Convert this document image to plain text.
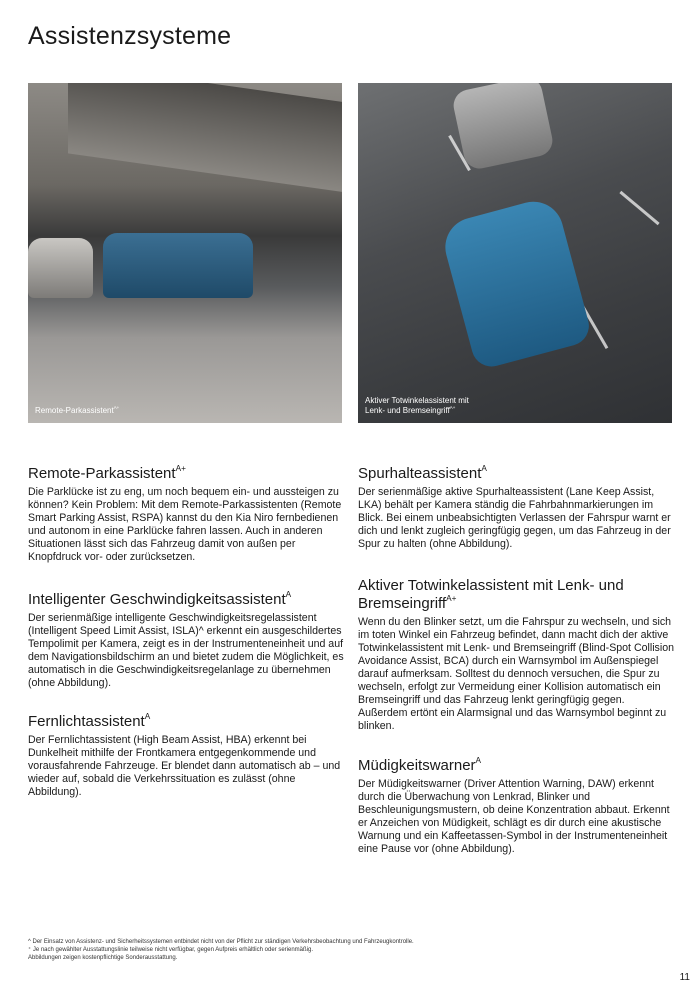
Assistenzsysteme
Remote-Parkassistent$^{A+}$
Aktiver Totwinkelassistent mit
Lenk- und Bremseingriff$^{A+}$
Remote-Parkassistent$^{A+}$

Die Parklücke ist zu eng, um noch bequem ein- und aussteigen zu können? Kein Problem: Mit dem Remote-Parkassistenten (Remote Smart Parking Assist, RSPA) kannst du den Kia Niro fernbedienen und autonom in eine Parklücke fahren lassen. Auch in anderen Situationen lässt sich das Fahrzeug damit von außen per Knopfdruck vor- oder zurücksetzen.

Intelligenter Geschwindigkeitsassistent$^A$

Der serienmäßige intelligente Geschwindigkeitsregelassistent (Intelligent Speed Limit Assist, ISLA)^ erkennt ein ausgeschildertes Tempolimit per Kamera, zeigt es in der Instrumenteneinheit und auf dem Navigationsbildschirm an und bietet zudem die Möglichkeit, es automatisch in die Geschwindigkeitsregelanlage zu übernehmen (ohne Abbildung).

Fernlichtassistent$^A$

Der Fernlichtassistent (High Beam Assist, HBA) erkennt bei Dunkelheit mithilfe der Frontkamera entgegenkommende und vorausfahrende Fahrzeuge. Er blendet dann automatisch ab – und wieder auf, sobald die Verkehrssituation es zulässt (ohne Abbildung).

Spurhalteassistent$^A$

Der serienmäßige aktive Spurhalteassistent (Lane Keep Assist, LKA) behält per Kamera ständig die Fahrbahnmarkierungen im Blick. Bei einem unbeabsichtigten Verlassen der Fahrspur warnt er dich und lenkt zugleich geringfügig gegen, um das Fahrzeug in der Spur zu halten (ohne Abbildung).

Aktiver Totwinkelassistent mit Lenk- und Bremseingriff$^{A+}$

Wenn du den Blinker setzt, um die Fahrspur zu wechseln, und sich im toten Winkel ein Fahrzeug befindet, dann macht dich der aktive Totwinkelassistent mit Lenk- und Bremseingriff (Blind-Spot Collision Avoidance Assist, BCA) durch ein Warnsymbol im Außenspiegel darauf aufmerksam. Solltest du dennoch versuchen, die Spur zu wechseln, erfolgt zur Vermeidung einer Kollision automatisch ein Bremseingriff und das Fahrzeug lenkt geringfügig gegen. Außerdem ertönt ein Alarmsignal und das Warnsymbol beginnt zu blinken.

Müdigkeitswarner$^A$

Der Müdigkeitswarner (Driver Attention Warning, DAW) erkennt durch die Überwachung von Lenkrad, Blinker und Beschleunigungsmustern, ob deine Konzentration abbaut. Erkennt er Anzeichen von Müdigkeit, schlägt es dir durch eine akustische Warnung und ein Kaffeetassen-Symbol in der Instrumenteneinheit eine Pause vor (ohne Abbildung).

^ Der Einsatz von Assistenz- und Sicherheitssystemen entbindet nicht von der Pflicht zur ständigen Verkehrsbeobachtung und Fahrzeugkontrolle.
⁺ Je nach gewählter Ausstattungslinie teilweise nicht verfügbar, gegen Aufpreis erhältlich oder serienmäßig.
Abbildungen zeigen kostenpflichtige Sonderausstattung.
11
